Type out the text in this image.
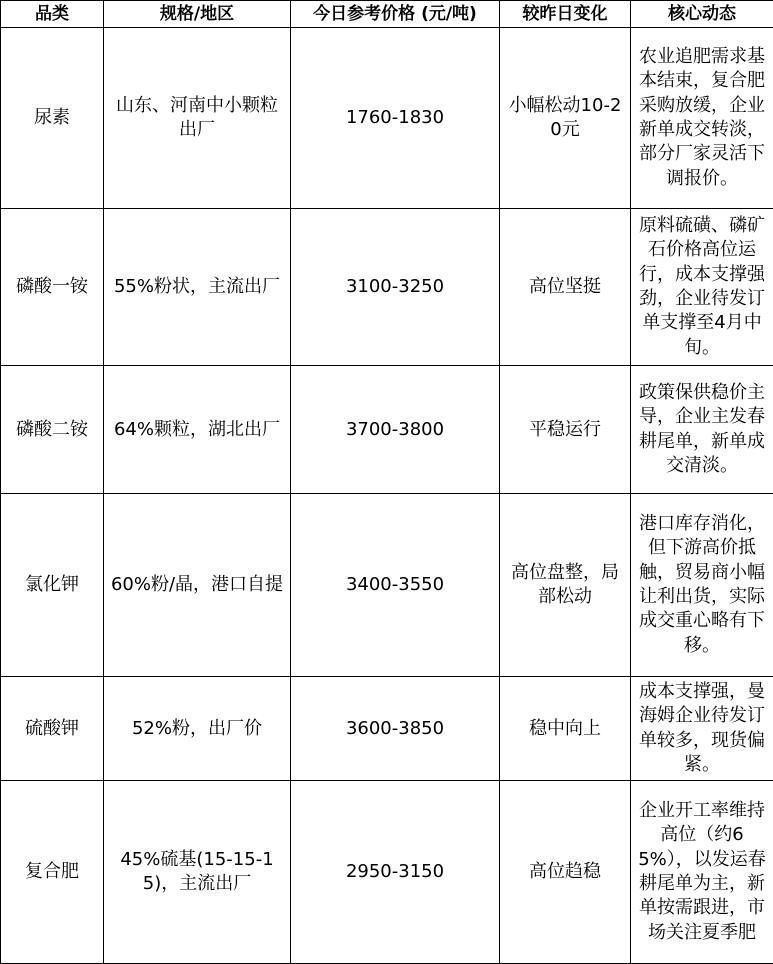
品类	规格/地区	今日参考价格 (元/吨)	较昨日变化	核心动态
尿素	山东、河南中小颗粒出厂	1760-1830	小幅松动10-20元	农业追肥需求基本结束，复合肥采购放缓，企业新单成交转淡，部分厂家灵活下调报价。
磷酸一铵	55%粉状，主流出厂	3100-3250	高位坚挺	原料硫磺、磷矿石价格高位运行，成本支撑强劲，企业待发订单支撑至4月中旬。
磷酸二铵	64%颗粒，湖北出厂	3700-3800	平稳运行	政策保供稳价主导，企业主发春耕尾单，新单成交清淡。
氯化钾	60%粉/晶，港口自提	3400-3550	高位盘整，局部松动	港口库存消化，但下游高价抵触，贸易商小幅让利出货，实际成交重心略有下移。
硫酸钾	52%粉，出厂价	3600-3850	稳中向上	成本支撑强，曼海姆企业待发订单较多，现货偏紧。
复合肥	45%硫基(15-15-15)，主流出厂	2950-3150	高位趋稳	企业开工率维持高位（约65%），以发运春耕尾单为主，新单按需跟进，市场关注夏季肥
